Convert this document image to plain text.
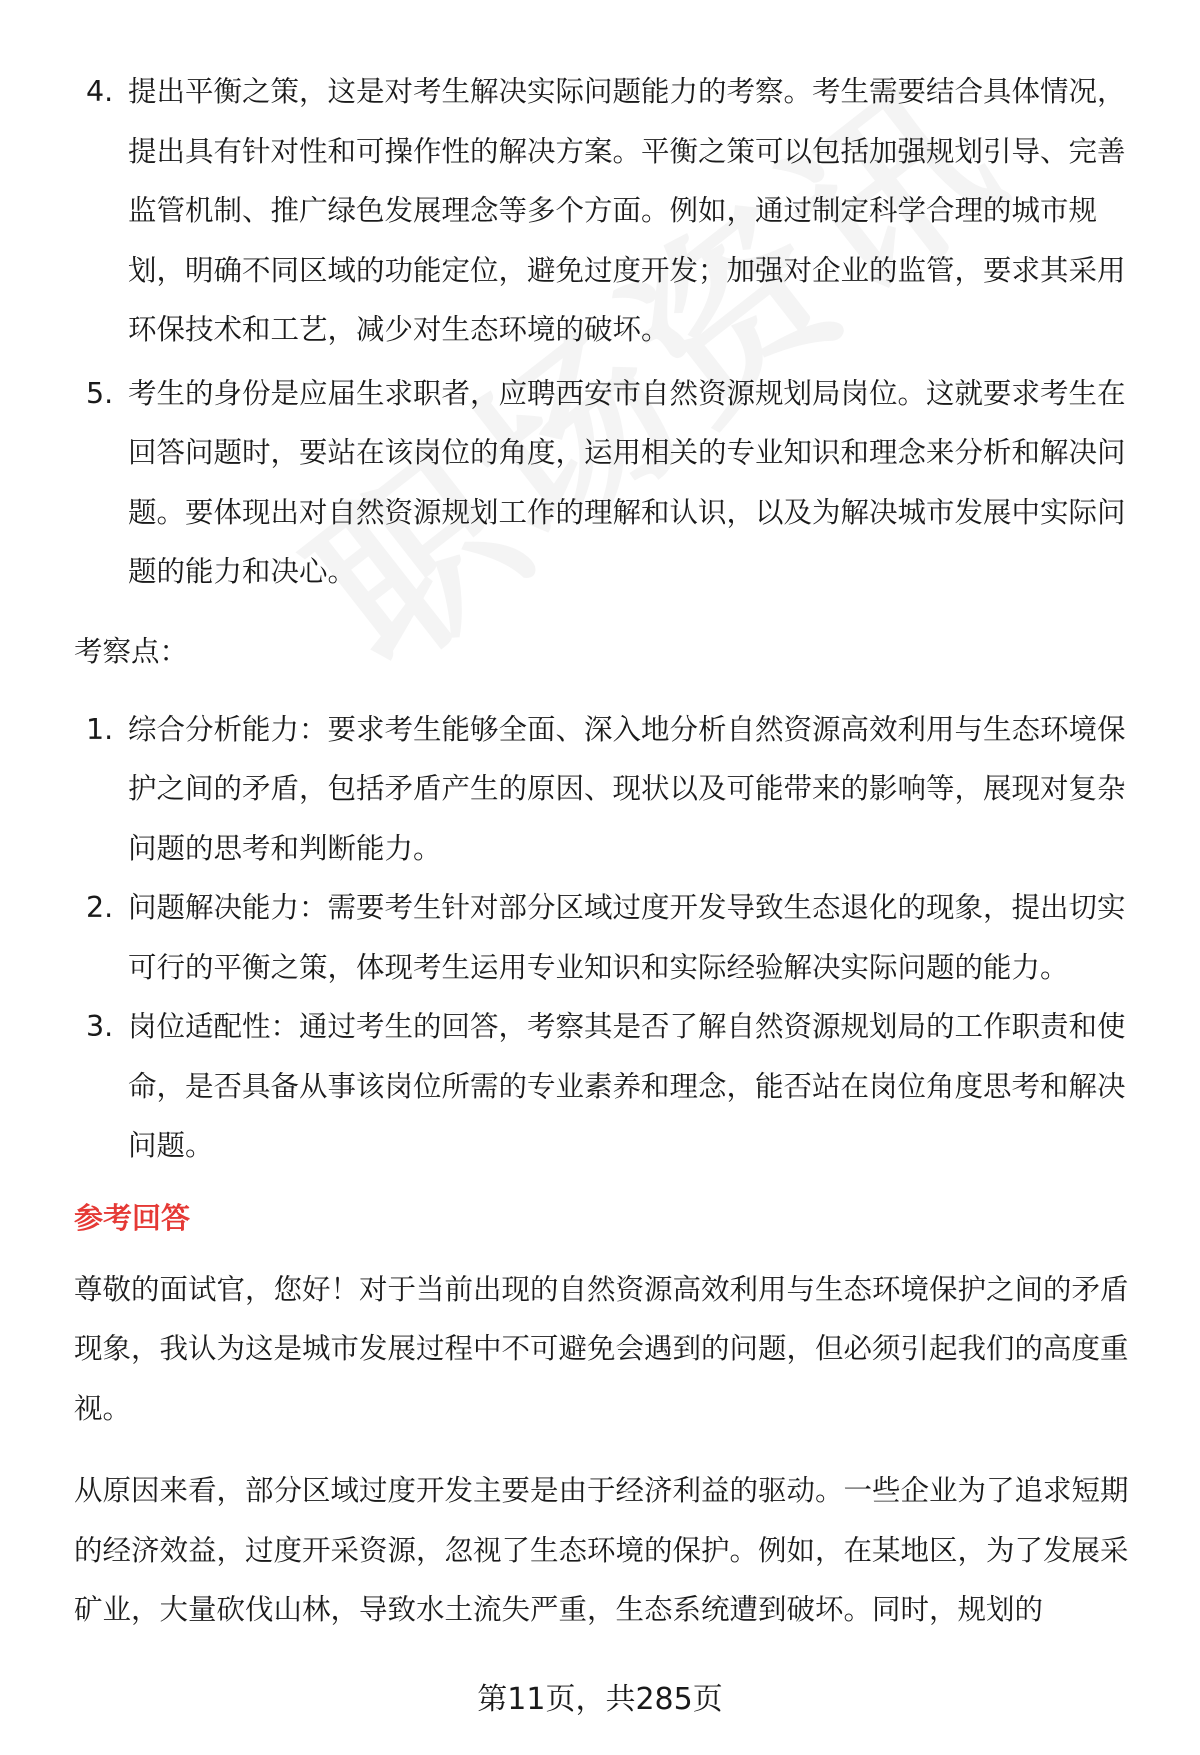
4. 提出平衡之策，这是对考生解决实际问题能力的考察。考生需要结合具体情况，提出具有针对性和可操作性的解决方案。平衡之策可以包括加强规划引导、完善监管机制、推广绿色发展理念等多个方面。例如，通过制定科学合理的城市规划，明确不同区域的功能定位，避免过度开发；加强对企业的监管，要求其采用环保技术和工艺，减少对生态环境的破坏。
5. 考生的身份是应届生求职者，应聘西安市自然资源规划局岗位。这就要求考生在回答问题时，要站在该岗位的角度，运用相关的专业知识和理念来分析和解决问题。要体现出对自然资源规划工作的理解和认识，以及为解决城市发展中实际问题的能力和决心。
考察点：
1. 综合分析能力：要求考生能够全面、深入地分析自然资源高效利用与生态环境保护之间的矛盾，包括矛盾产生的原因、现状以及可能带来的影响等，展现对复杂问题的思考和判断能力。
2. 问题解决能力：需要考生针对部分区域过度开发导致生态退化的现象，提出切实可行的平衡之策，体现考生运用专业知识和实际经验解决实际问题的能力。
3. 岗位适配性：通过考生的回答，考察其是否了解自然资源规划局的工作职责和使命，是否具备从事该岗位所需的专业素养和理念，能否站在岗位角度思考和解决问题。
参考回答

尊敬的面试官，您好！对于当前出现的自然资源高效利用与生态环境保护之间的矛盾现象，我认为这是城市发展过程中不可避免会遇到的问题，但必须引起我们的高度重视。

从原因来看，部分区域过度开发主要是由于经济利益的驱动。一些企业为了追求短期的经济效益，过度开采资源，忽视了生态环境的保护。例如，在某地区，为了发展采矿业，大量砍伐山林，导致水土流失严重，生态系统遭到破坏。同时，规划的

第11页，共285页
